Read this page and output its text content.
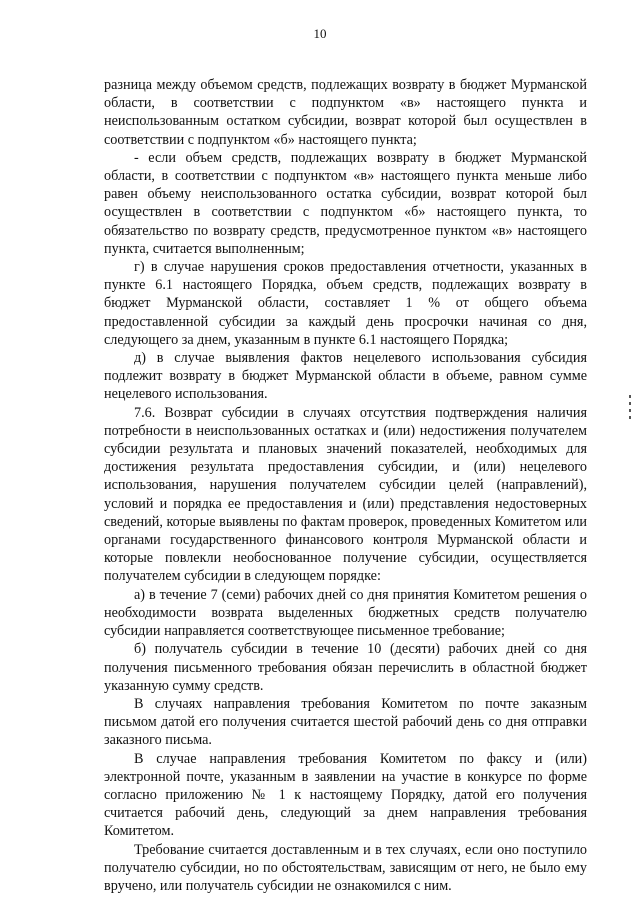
10

разница между объемом средств, подлежащих возврату в бюджет Мурманской области, в соответствии с подпунктом «в» настоящего пункта и неиспользованным остатком субсидии, возврат которой был осуществлен в соответствии с подпунктом «б» настоящего пункта;

- если объем средств, подлежащих возврату в бюджет Мурманской области, в соответствии с подпунктом «в» настоящего пункта меньше либо равен объему неиспользованного остатка субсидии, возврат которой был осуществлен в соответствии с подпунктом «б» настоящего пункта, то обязательство по возврату средств, предусмотренное пунктом «в» настоящего пункта, считается выполненным;

г) в случае нарушения сроков предоставления отчетности, указанных в пункте 6.1 настоящего Порядка, объем средств, подлежащих возврату в бюджет Мурманской области, составляет 1 % от общего объема предоставленной субсидии за каждый день просрочки начиная со дня, следующего за днем, указанным в пункте 6.1 настоящего Порядка;

д) в случае выявления фактов нецелевого использования субсидия подлежит возврату в бюджет Мурманской области в объеме, равном сумме нецелевого использования.

7.6. Возврат субсидии в случаях отсутствия подтверждения наличия потребности в неиспользованных остатках и (или) недостижения получателем субсидии результата и плановых значений показателей, необходимых для достижения результата предоставления субсидии, и (или) нецелевого использования, нарушения получателем субсидии целей (направлений), условий и порядка ее предоставления и (или) представления недостоверных сведений, которые выявлены по фактам проверок, проведенных Комитетом или органами государственного финансового контроля Мурманской области и которые повлекли необоснованное получение субсидии, осуществляется получателем субсидии в следующем порядке:

а) в течение 7 (семи) рабочих дней со дня принятия Комитетом решения о необходимости возврата выделенных бюджетных средств получателю субсидии направляется соответствующее письменное требование;

б) получатель субсидии в течение 10 (десяти) рабочих дней со дня получения письменного требования обязан перечислить в областной бюджет указанную сумму средств.

В случаях направления требования Комитетом по почте заказным письмом датой его получения считается шестой рабочий день со дня отправки заказного письма.

В случае направления требования Комитетом по факсу и (или) электронной почте, указанным в заявлении на участие в конкурсе по форме согласно приложению № 1 к настоящему Порядку, датой его получения считается рабочий день, следующий за днем направления требования Комитетом.

Требование считается доставленным и в тех случаях, если оно поступило получателю субсидии, но по обстоятельствам, зависящим от него, не было ему вручено, или получатель субсидии не ознакомился с ним.
